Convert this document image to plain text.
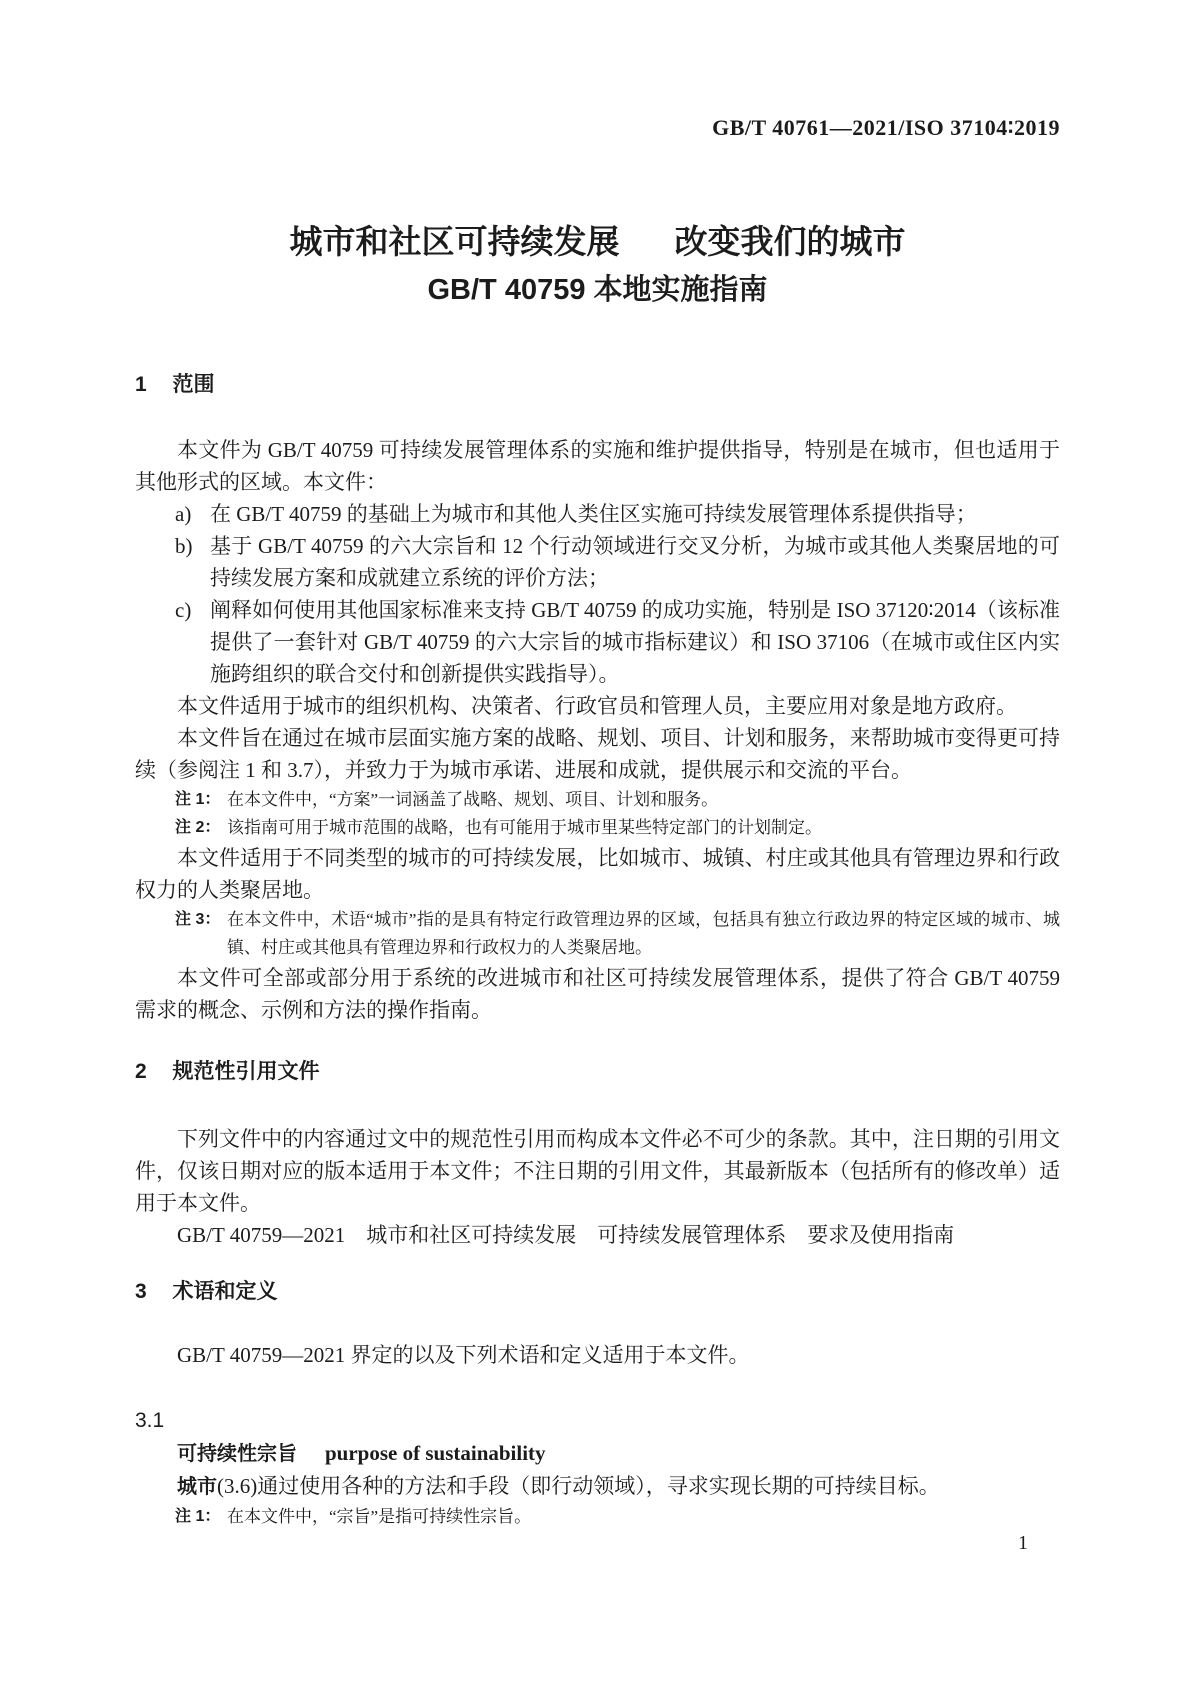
GB/T 40761—2021/ISO 37104∶2019
城市和社区可持续发展 改变我们的城市
GB/T 40759 本地实施指南
1 范围

本文件为 GB/T 40759 可持续发展管理体系的实施和维护提供指导，特别是在城市，但也适用于其他形式的区域。本文件：

a) 在 GB/T 40759 的基础上为城市和其他人类住区实施可持续发展管理体系提供指导；
b) 基于 GB/T 40759 的六大宗旨和 12 个行动领域进行交叉分析，为城市或其他人类聚居地的可持续发展方案和成就建立系统的评价方法；
c) 阐释如何使用其他国家标准来支持 GB/T 40759 的成功实施，特别是 ISO 37120∶2014（该标准提供了一套针对 GB/T 40759 的六大宗旨的城市指标建议）和 ISO 37106（在城市或住区内实施跨组织的联合交付和创新提供实践指导）。

本文件适用于城市的组织机构、决策者、行政官员和管理人员，主要应用对象是地方政府。

本文件旨在通过在城市层面实施方案的战略、规划、项目、计划和服务，来帮助城市变得更可持续（参阅注 1 和 3.7），并致力于为城市承诺、进展和成就，提供展示和交流的平台。

注 1： 在本文件中，“方案”一词涵盖了战略、规划、项目、计划和服务。
注 2： 该指南可用于城市范围的战略，也有可能用于城市里某些特定部门的计划制定。

本文件适用于不同类型的城市的可持续发展，比如城市、城镇、村庄或其他具有管理边界和行政权力的人类聚居地。

注 3： 在本文件中，术语“城市”指的是具有特定行政管理边界的区域，包括具有独立行政边界的特定区域的城市、城镇、村庄或其他具有管理边界和行政权力的人类聚居地。

本文件可全部或部分用于系统的改进城市和社区可持续发展管理体系，提供了符合 GB/T 40759 需求的概念、示例和方法的操作指南。

2 规范性引用文件

下列文件中的内容通过文中的规范性引用而构成本文件必不可少的条款。其中，注日期的引用文件，仅该日期对应的版本适用于本文件；不注日期的引用文件，其最新版本（包括所有的修改单）适用于本文件。

GB/T 40759—2021　城市和社区可持续发展　可持续发展管理体系　要求及使用指南

3 术语和定义

GB/T 40759—2021 界定的以及下列术语和定义适用于本文件。

3.1
可持续性宗旨 purpose of sustainability

城市(3.6)通过使用各种的方法和手段（即行动领域），寻求实现长期的可持续目标。

注 1： 在本文件中，“宗旨”是指可持续性宗旨。
1
